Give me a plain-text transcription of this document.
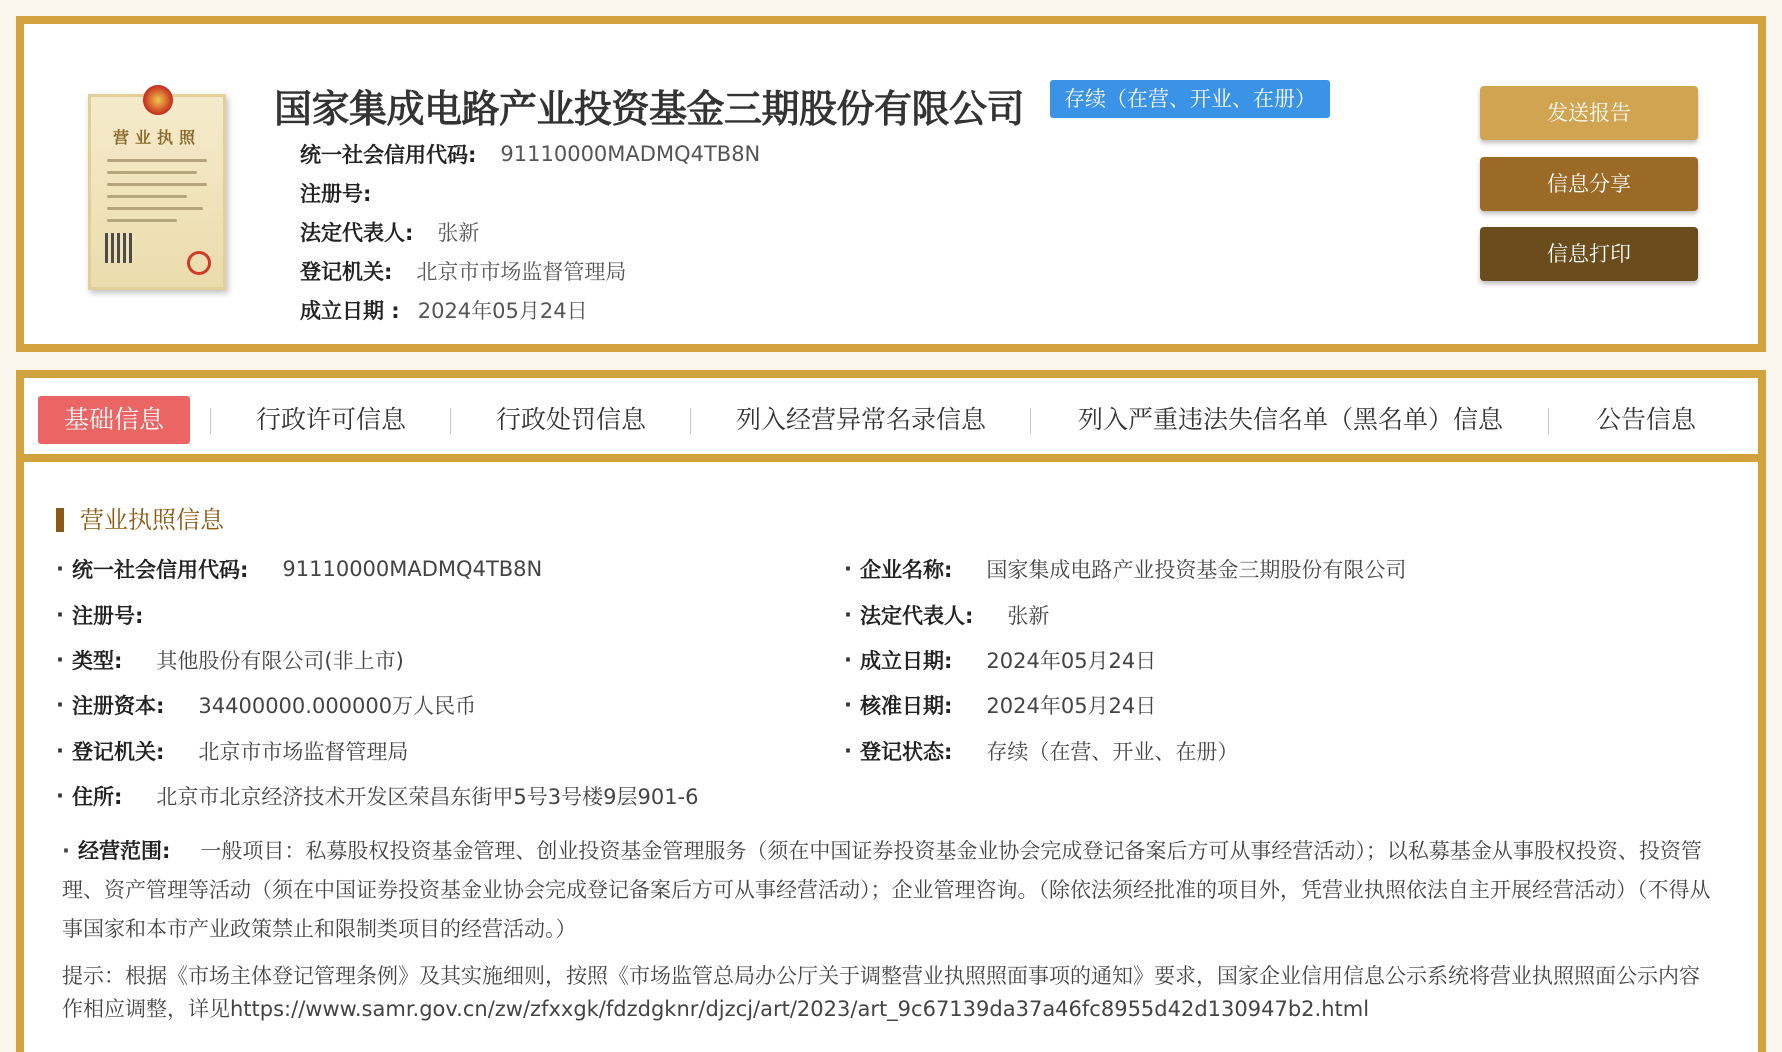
营业执照
国家集成电路产业投资基金三期股份有限公司	存续（在营、开业、在册）
统一社会信用代码: 91110000MADMQ4TB8N
注册号:
法定代表人: 张新
登记机关: 北京市市场监督管理局
成立日期 : 2024年05月24日
发送报告
信息分享
信息打印
基础信息	行政许可信息	行政处罚信息	列入经营异常名录信息	列入严重违法失信名单（黑名单）信息	公告信息
营业执照信息
· 统一社会信用代码: 91110000MADMQ4TB8N
· 注册号:
· 类型: 其他股份有限公司(非上市)
· 注册资本: 34400000.000000万人民币
· 登记机关: 北京市市场监督管理局
· 住所: 北京市北京经济技术开发区荣昌东街甲5号3号楼9层901-6
· 企业名称: 国家集成电路产业投资基金三期股份有限公司
· 法定代表人: 张新
· 成立日期: 2024年05月24日
· 核准日期: 2024年05月24日
· 登记状态: 存续（在营、开业、在册）
· 经营范围: 一般项目：私募股权投资基金管理、创业投资基金管理服务（须在中国证券投资基金业协会完成登记备案后方可从事经营活动）；以私募基金从事股权投资、投资管理、资产管理等活动（须在中国证券投资基金业协会完成登记备案后方可从事经营活动）；企业管理咨询。（除依法须经批准的项目外，凭营业执照依法自主开展经营活动）（不得从事国家和本市产业政策禁止和限制类项目的经营活动。）
提示：根据《市场主体登记管理条例》及其实施细则，按照《市场监管总局办公厅关于调整营业执照照面事项的通知》要求，国家企业信用信息公示系统将营业执照照面公示内容作相应调整，详见https://www.samr.gov.cn/zw/zfxxgk/fdzdgknr/djzcj/art/2023/art_9c67139da37a46fc8955d42d130947b2.html
